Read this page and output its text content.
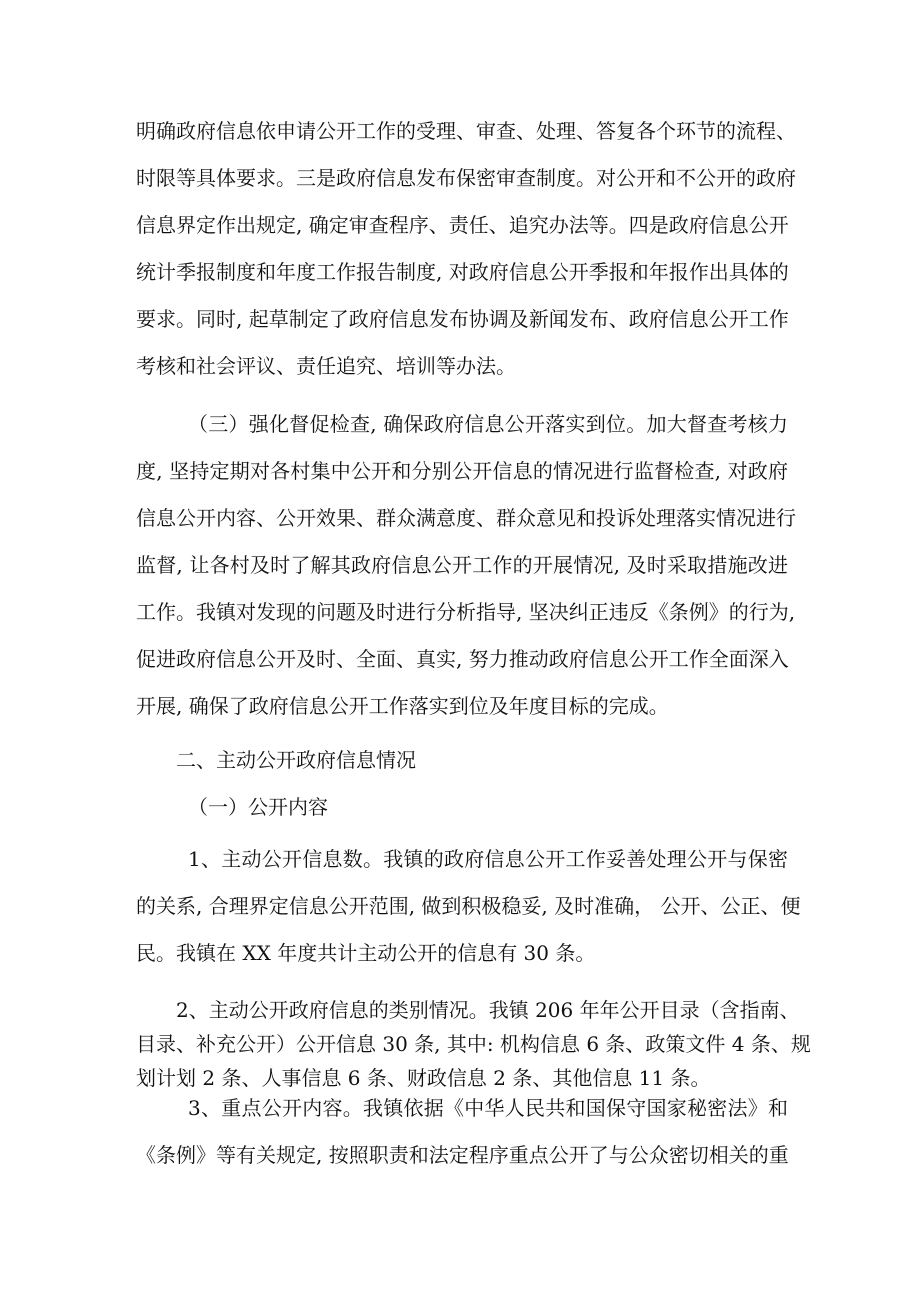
明确政府信息依申请公开工作的受理、审查、处理、答复各个环节的流程、
时限等具体要求。三是政府信息发布保密审查制度。对公开和不公开的政府
信息界定作出规定, 确定审查程序、责任、追究办法等。四是政府信息公开
统计季报制度和年度工作报告制度, 对政府信息公开季报和年报作出具体的
要求。同时, 起草制定了政府信息发布协调及新闻发布、政府信息公开工作
考核和社会评议、责任追究、培训等办法。
（三）强化督促检查, 确保政府信息公开落实到位。加大督查考核力
度, 坚持定期对各村集中公开和分别公开信息的情况进行监督检查, 对政府
信息公开内容、公开效果、群众满意度、群众意见和投诉处理落实情况进行
监督, 让各村及时了解其政府信息公开工作的开展情况, 及时采取措施改进
工作。我镇对发现的问题及时进行分析指导, 坚决纠正违反《条例》的行为,
促进政府信息公开及时、全面、真实, 努力推动政府信息公开工作全面深入
开展, 确保了政府信息公开工作落实到位及年度目标的完成。
二、主动公开政府信息情况
（一）公开内容
1、主动公开信息数。我镇的政府信息公开工作妥善处理公开与保密
的关系, 合理界定信息公开范围, 做到积极稳妥, 及时准确， 公开、公正、便
民。我镇在 XX 年度共计主动公开的信息有 30 条。
2、主动公开政府信息的类别情况。我镇 206 年年公开目录（含指南、
目录、补充公开）公开信息 30 条, 其中: 机构信息 6 条、政策文件 4 条、规
划计划 2 条、人事信息 6 条、财政信息 2 条、其他信息 11 条。
3、重点公开内容。我镇依据《中华人民共和国保守国家秘密法》和
《条例》等有关规定, 按照职责和法定程序重点公开了与公众密切相关的重
